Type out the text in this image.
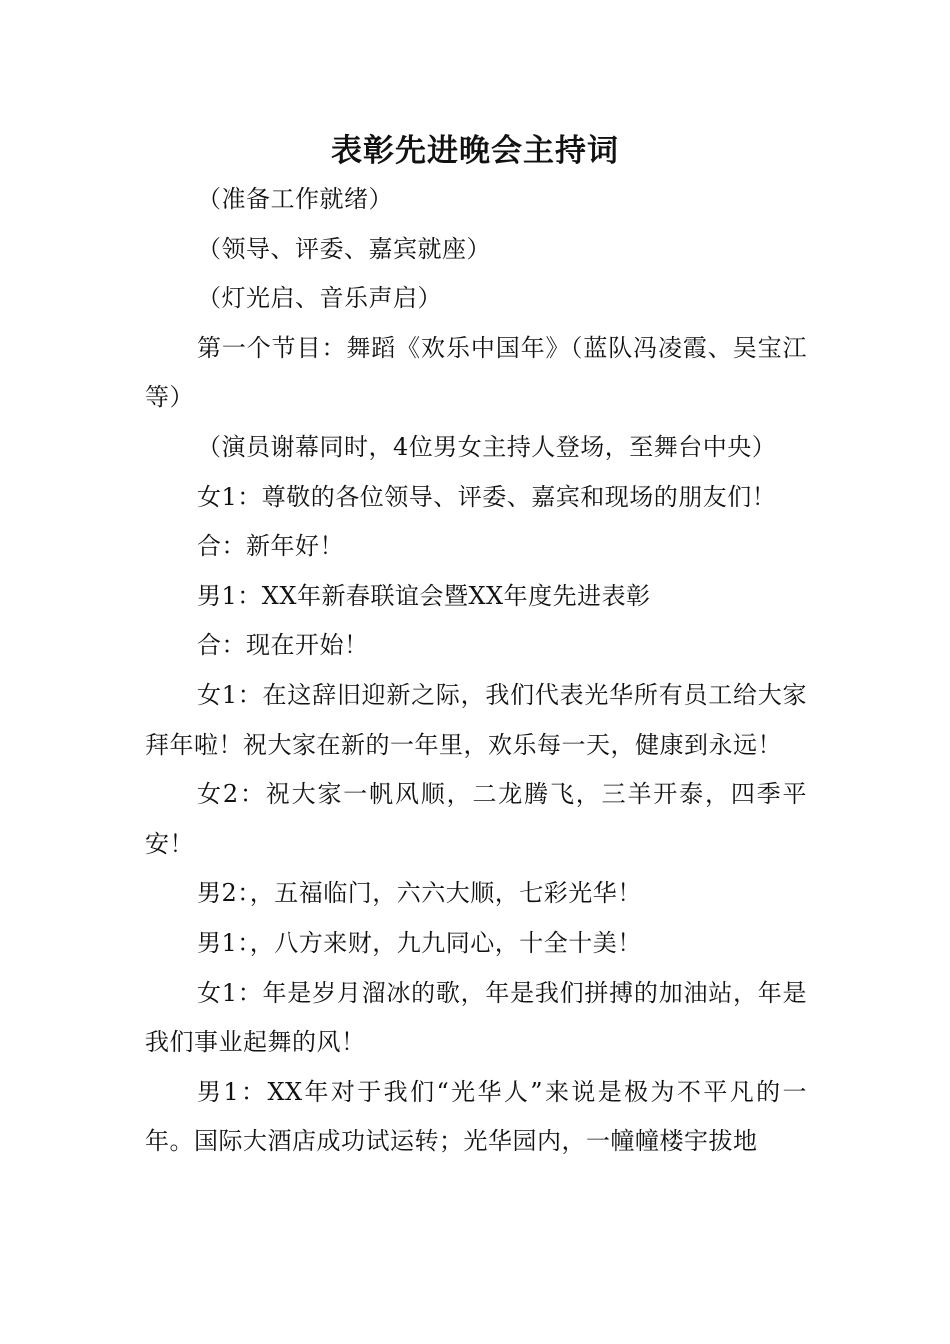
表彰先进晚会主持词

（准备工作就绪）

（领导、评委、嘉宾就座）

（灯光启、音乐声启）

第一个节目：舞蹈《欢乐中国年》（蓝队冯凌霞、吴宝江等）

（演员谢幕同时，4位男女主持人登场，至舞台中央）

女1：尊敬的各位领导、评委、嘉宾和现场的朋友们！

合：新年好！

男1：XX年新春联谊会暨XX年度先进表彰

合：现在开始！

女1：在这辞旧迎新之际，我们代表光华所有员工给大家拜年啦！祝大家在新的一年里，欢乐每一天，健康到永远！

女2：祝大家一帆风顺，二龙腾飞，三羊开泰，四季平安！

男2：，五福临门，六六大顺，七彩光华！

男1：，八方来财，九九同心，十全十美！

女1：年是岁月溜冰的歌，年是我们拼搏的加油站，年是我们事业起舞的风！

男1：XX年对于我们“光华人”来说是极为不平凡的一年。国际大酒店成功试运转；光华园内，一幢幢楼宇拔地
